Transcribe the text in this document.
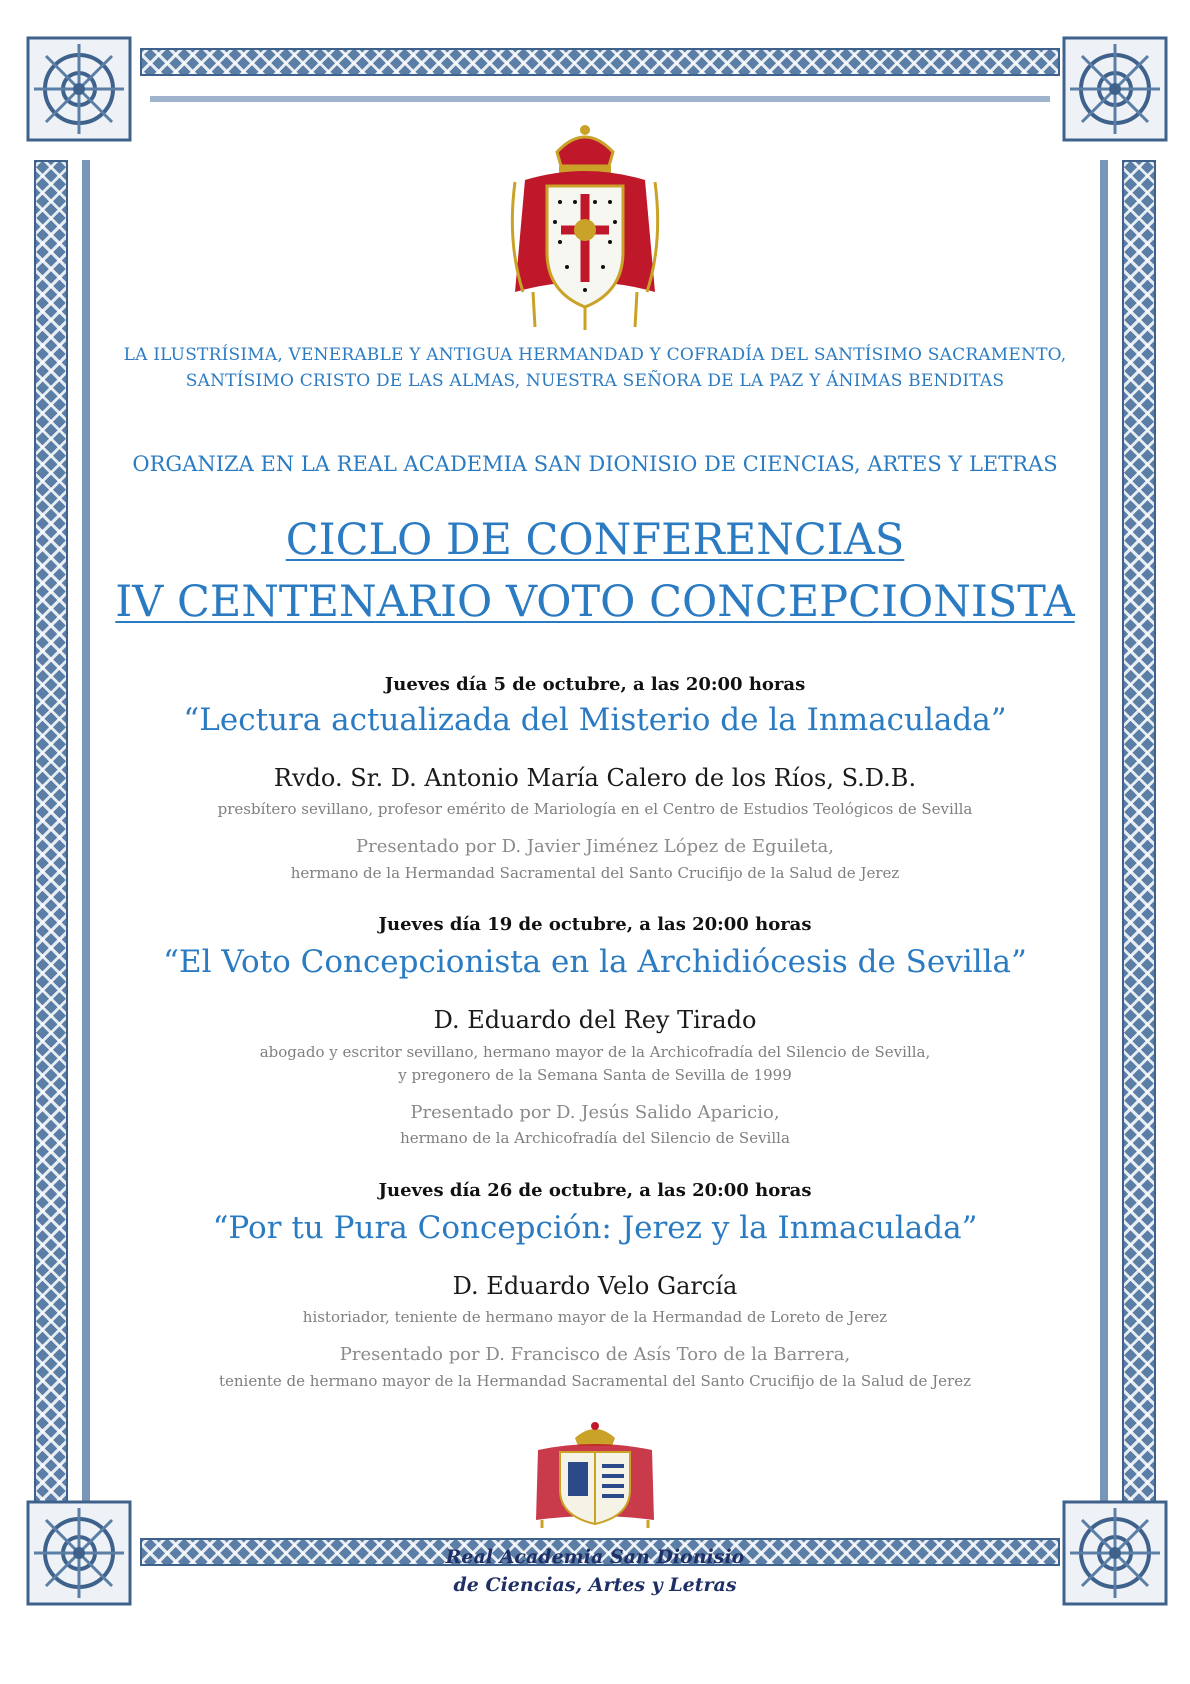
LA ILUSTRÍSIMA, VENERABLE Y ANTIGUA HERMANDAD Y COFRADÍA DEL SANTÍSIMO SACRAMENTO,
SANTÍSIMO CRISTO DE LAS ALMAS, NUESTRA SEÑORA DE LA PAZ Y ÁNIMAS BENDITAS
ORGANIZA EN LA REAL ACADEMIA SAN DIONISIO DE CIENCIAS, ARTES Y LETRAS
CICLO DE CONFERENCIAS
IV CENTENARIO VOTO CONCEPCIONISTA
Jueves día 5 de octubre, a las 20:00 horas
“Lectura actualizada del Misterio de la Inmaculada”
Rvdo. Sr. D. Antonio María Calero de los Ríos, S.D.B.
presbítero sevillano, profesor emérito de Mariología en el Centro de Estudios Teológicos de Sevilla
Presentado por D. Javier Jiménez López de Eguileta,
hermano de la Hermandad Sacramental del Santo Crucifijo de la Salud de Jerez
Jueves día 19 de octubre, a las 20:00 horas
“El Voto Concepcionista en la Archidiócesis de Sevilla”
D. Eduardo del Rey Tirado
abogado y escritor sevillano, hermano mayor de la Archicofradía del Silencio de Sevilla,
y pregonero de la Semana Santa de Sevilla de 1999
Presentado por D. Jesús Salido Aparicio,
hermano de la Archicofradía del Silencio de Sevilla
Jueves día 26 de octubre, a las 20:00 horas
“Por tu Pura Concepción: Jerez y la Inmaculada”
D. Eduardo Velo García
historiador, teniente de hermano mayor de la Hermandad de Loreto de Jerez
Presentado por D. Francisco de Asís Toro de la Barrera,
teniente de hermano mayor de la Hermandad Sacramental del Santo Crucifijo de la Salud de Jerez
Real Academia San Dionisio
de Ciencias, Artes y Letras
